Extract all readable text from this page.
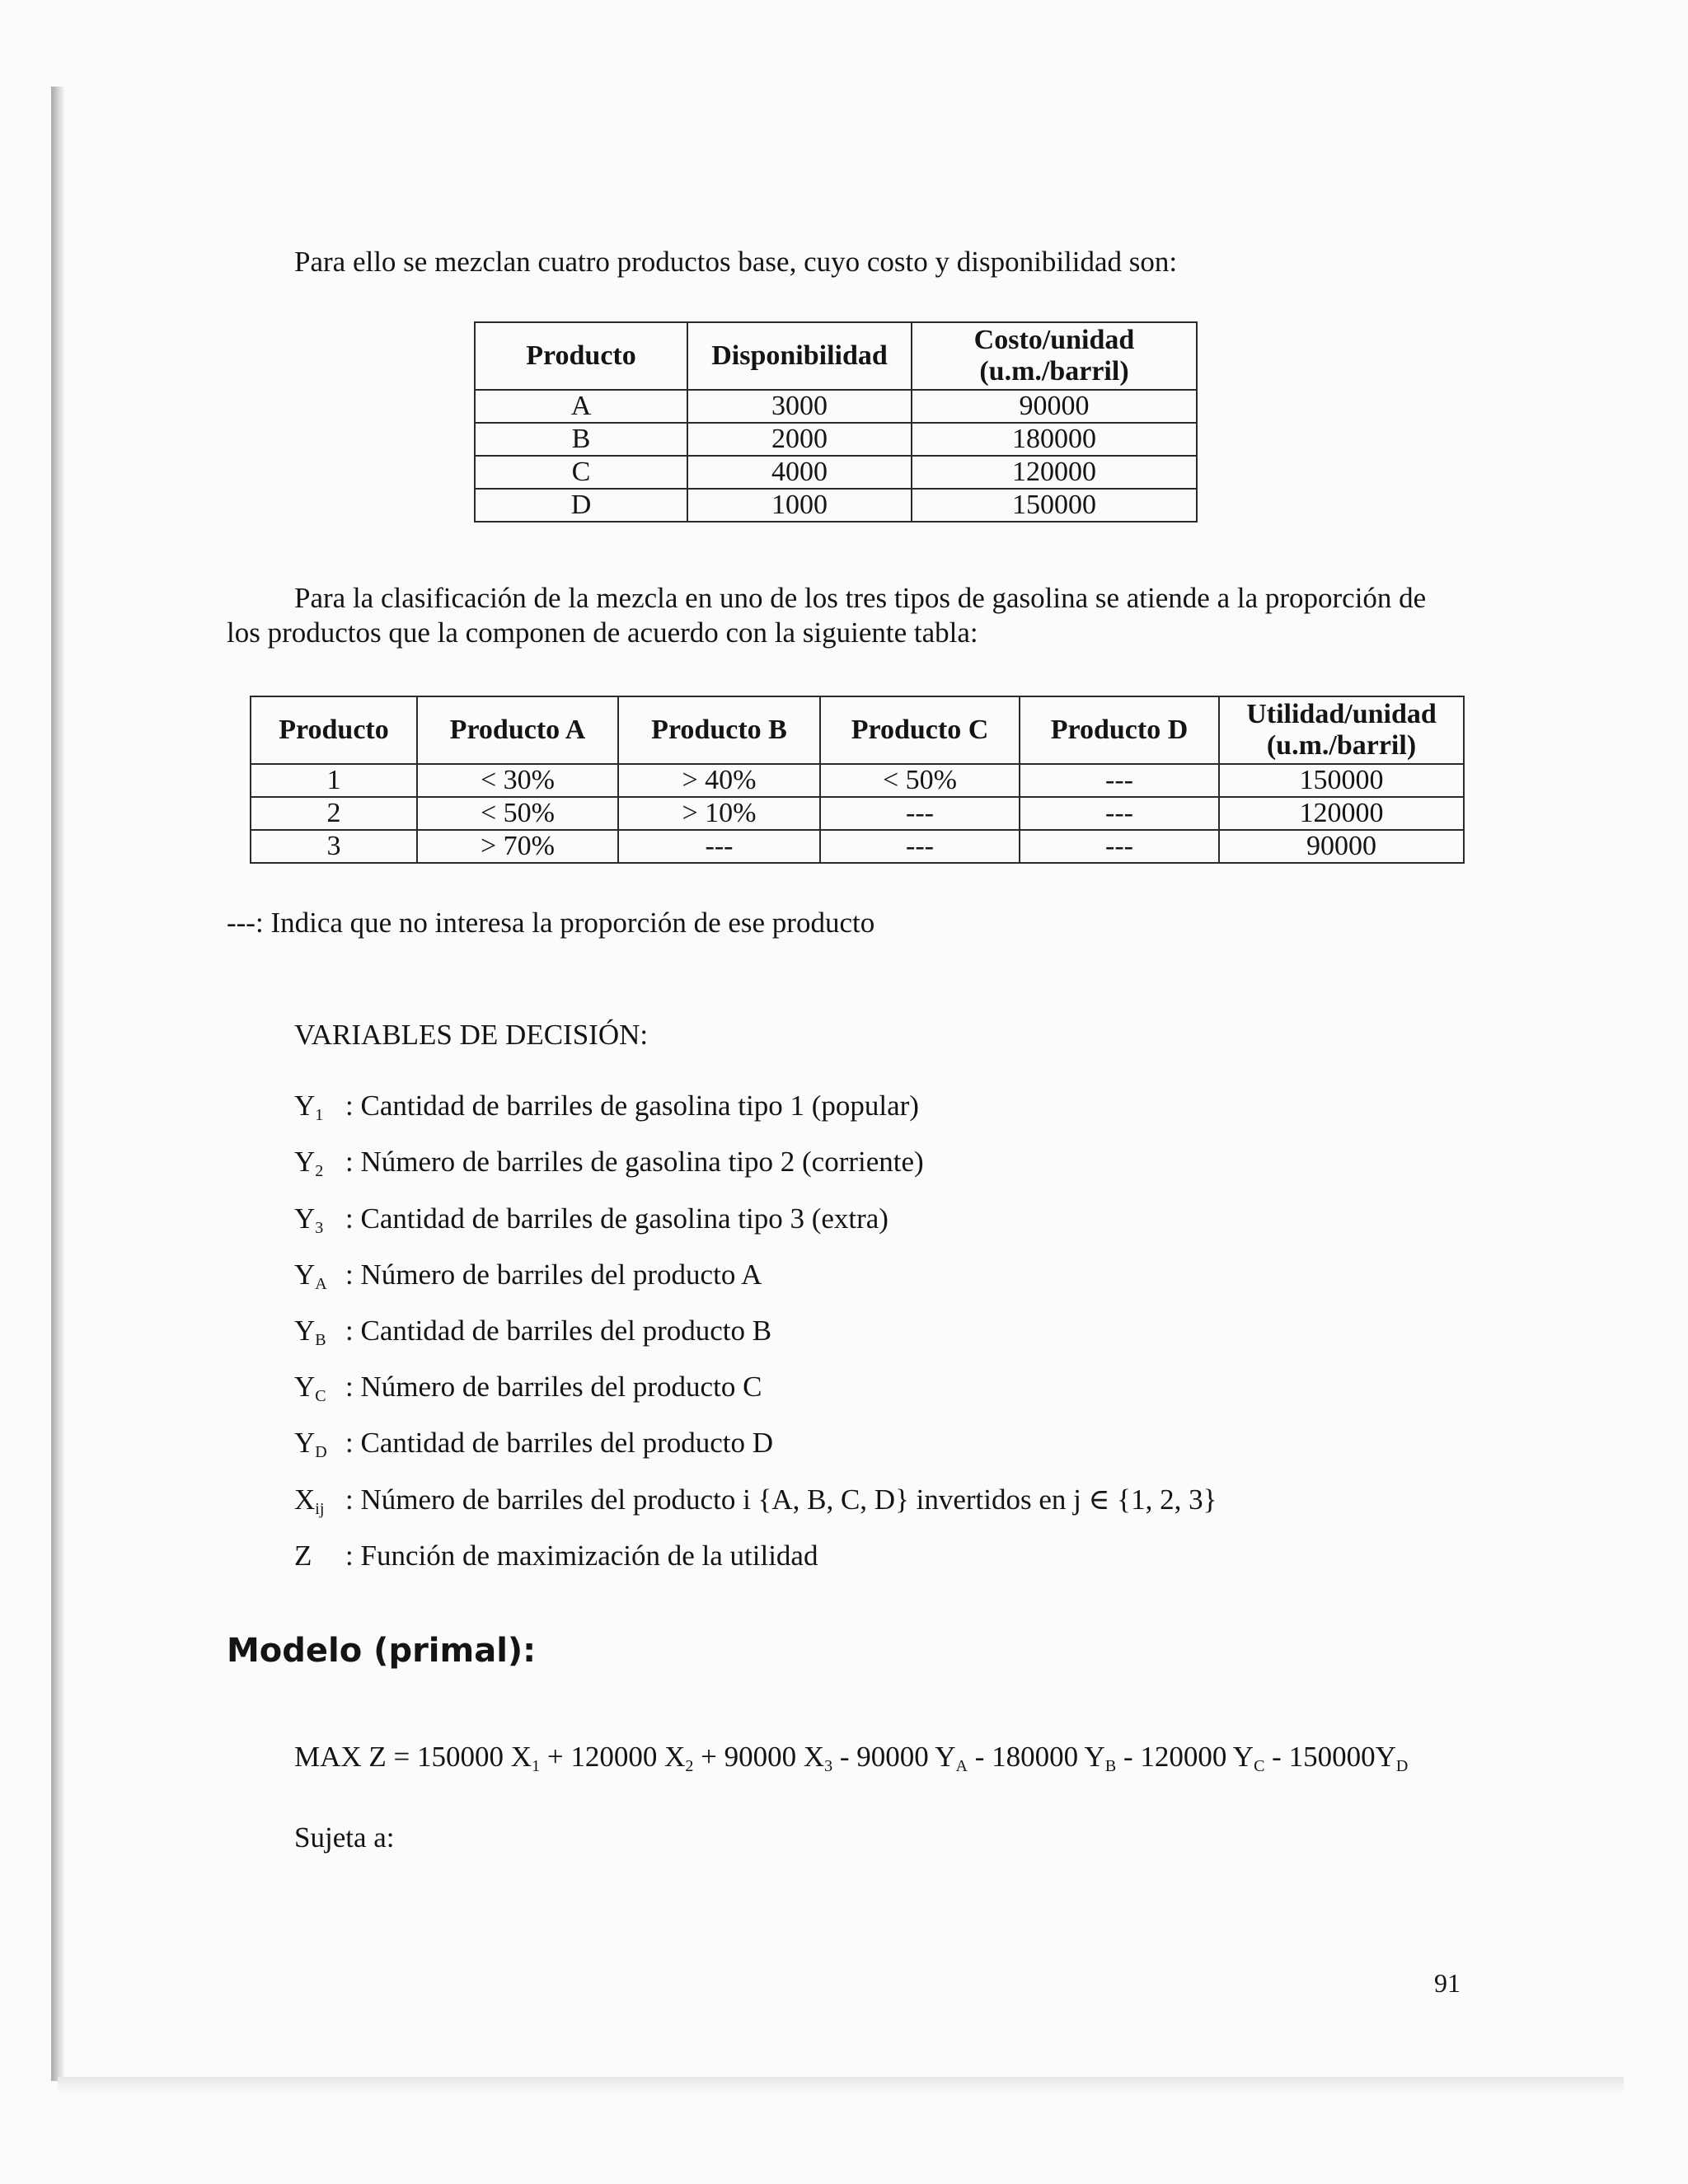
Para ello se mezclan cuatro productos base, cuyo costo y disponibilidad son:

Producto	Disponibilidad	Costo/unidad
(u.m./barril)

A	3000	90000
B	2000	180000
C	4000	120000
D	1000	150000

Para la clasificación de la mezcla en uno de los tres tipos de gasolina se atiende a la proporción de

los productos que la componen de acuerdo con la siguiente tabla:

Producto	Producto A	Producto B	Producto C	Producto D	Utilidad/unidad
(u.m./barril)

1	< 30%	> 40%	< 50%	---	150000
2	< 50%	> 10%	---	---	120000
3	> 70%	---	---	---	90000

---: Indica que no interesa la proporción de ese producto

VARIABLES DE DECISIÓN:

$Y_1$ : Cantidad de barriles de gasolina tipo 1 (popular)
$Y_2$ : Número de barriles de gasolina tipo 2 (corriente)
$Y_3$ : Cantidad de barriles de gasolina tipo 3 (extra)
$Y_A$ : Número de barriles del producto A
$Y_B$ : Cantidad de barriles del producto B
$Y_C$ : Número de barriles del producto C
$Y_D$ : Cantidad de barriles del producto D
$X_{ij}$ : Número de barriles del producto i {A, B, C, D} invertidos en j ∈ {1, 2, 3}
Z : Función de maximización de la utilidad
Modelo (primal):

MAX Z = 150000 $X_1 + 120000$ $X_2 + 90000$ $X_3 - 90000$ $Y_A - 180000$ $Y_B - 120000$ $Y_C - 150000Y_D$

Sujeta a:

91
